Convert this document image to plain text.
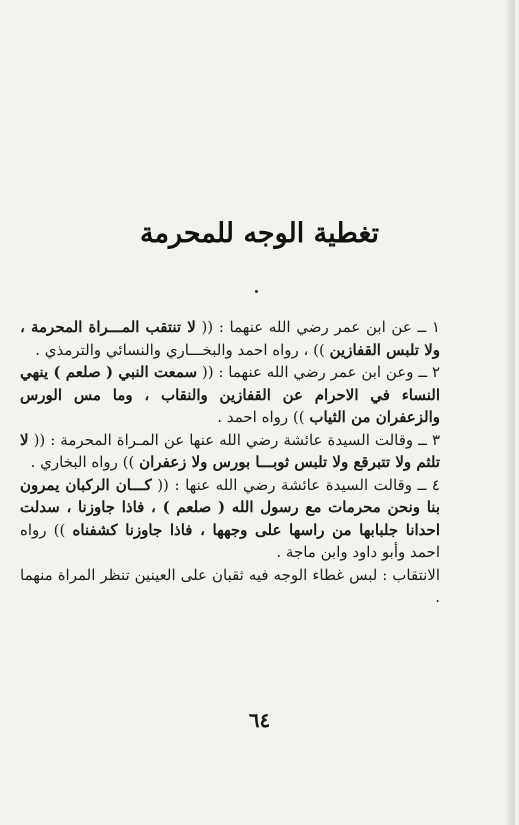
تغطية الوجه للمحرمة

١ ــ عن ابن عمر رضي الله عنهما : (( لا تنتقب المـــراة المحرمة ، ولا تلبس القفازين )) ، رواه احمد والبخـــاري والنسائي والترمذي .

٢ ــ وعن ابن عمر رضي الله عنهما : (( سمعت النبي ( صلعم ) ينهي النساء في الاحرام عن القفازين والنقاب ، وما مس الورس والزعفران من الثياب )) رواه احمد .

٣ ــ وقالت السيدة عائشة رضي الله عنها عن المـراة المحرمة : (( لا تلثم ولا تتبرقع ولا تلبس ثوبـــا بورس ولا زعفران )) رواه البخاري .

٤ ــ وقالت السيدة عائشة رضي الله عنها : (( كـــان الركبان يمرون بنا ونحن محرمات مع رسول الله ( صلعم ) ، فاذا جاوزنا ، سدلت احدانا جلبابها من راسها على وجهها ، فاذا جاوزنا كشفناه )) رواه احمد وأبو داود وابن ماجة .

الانتقاب : لبس غطاء الوجه فيه ثقبان على العينين تنظر المراة منهما .

٦٤
